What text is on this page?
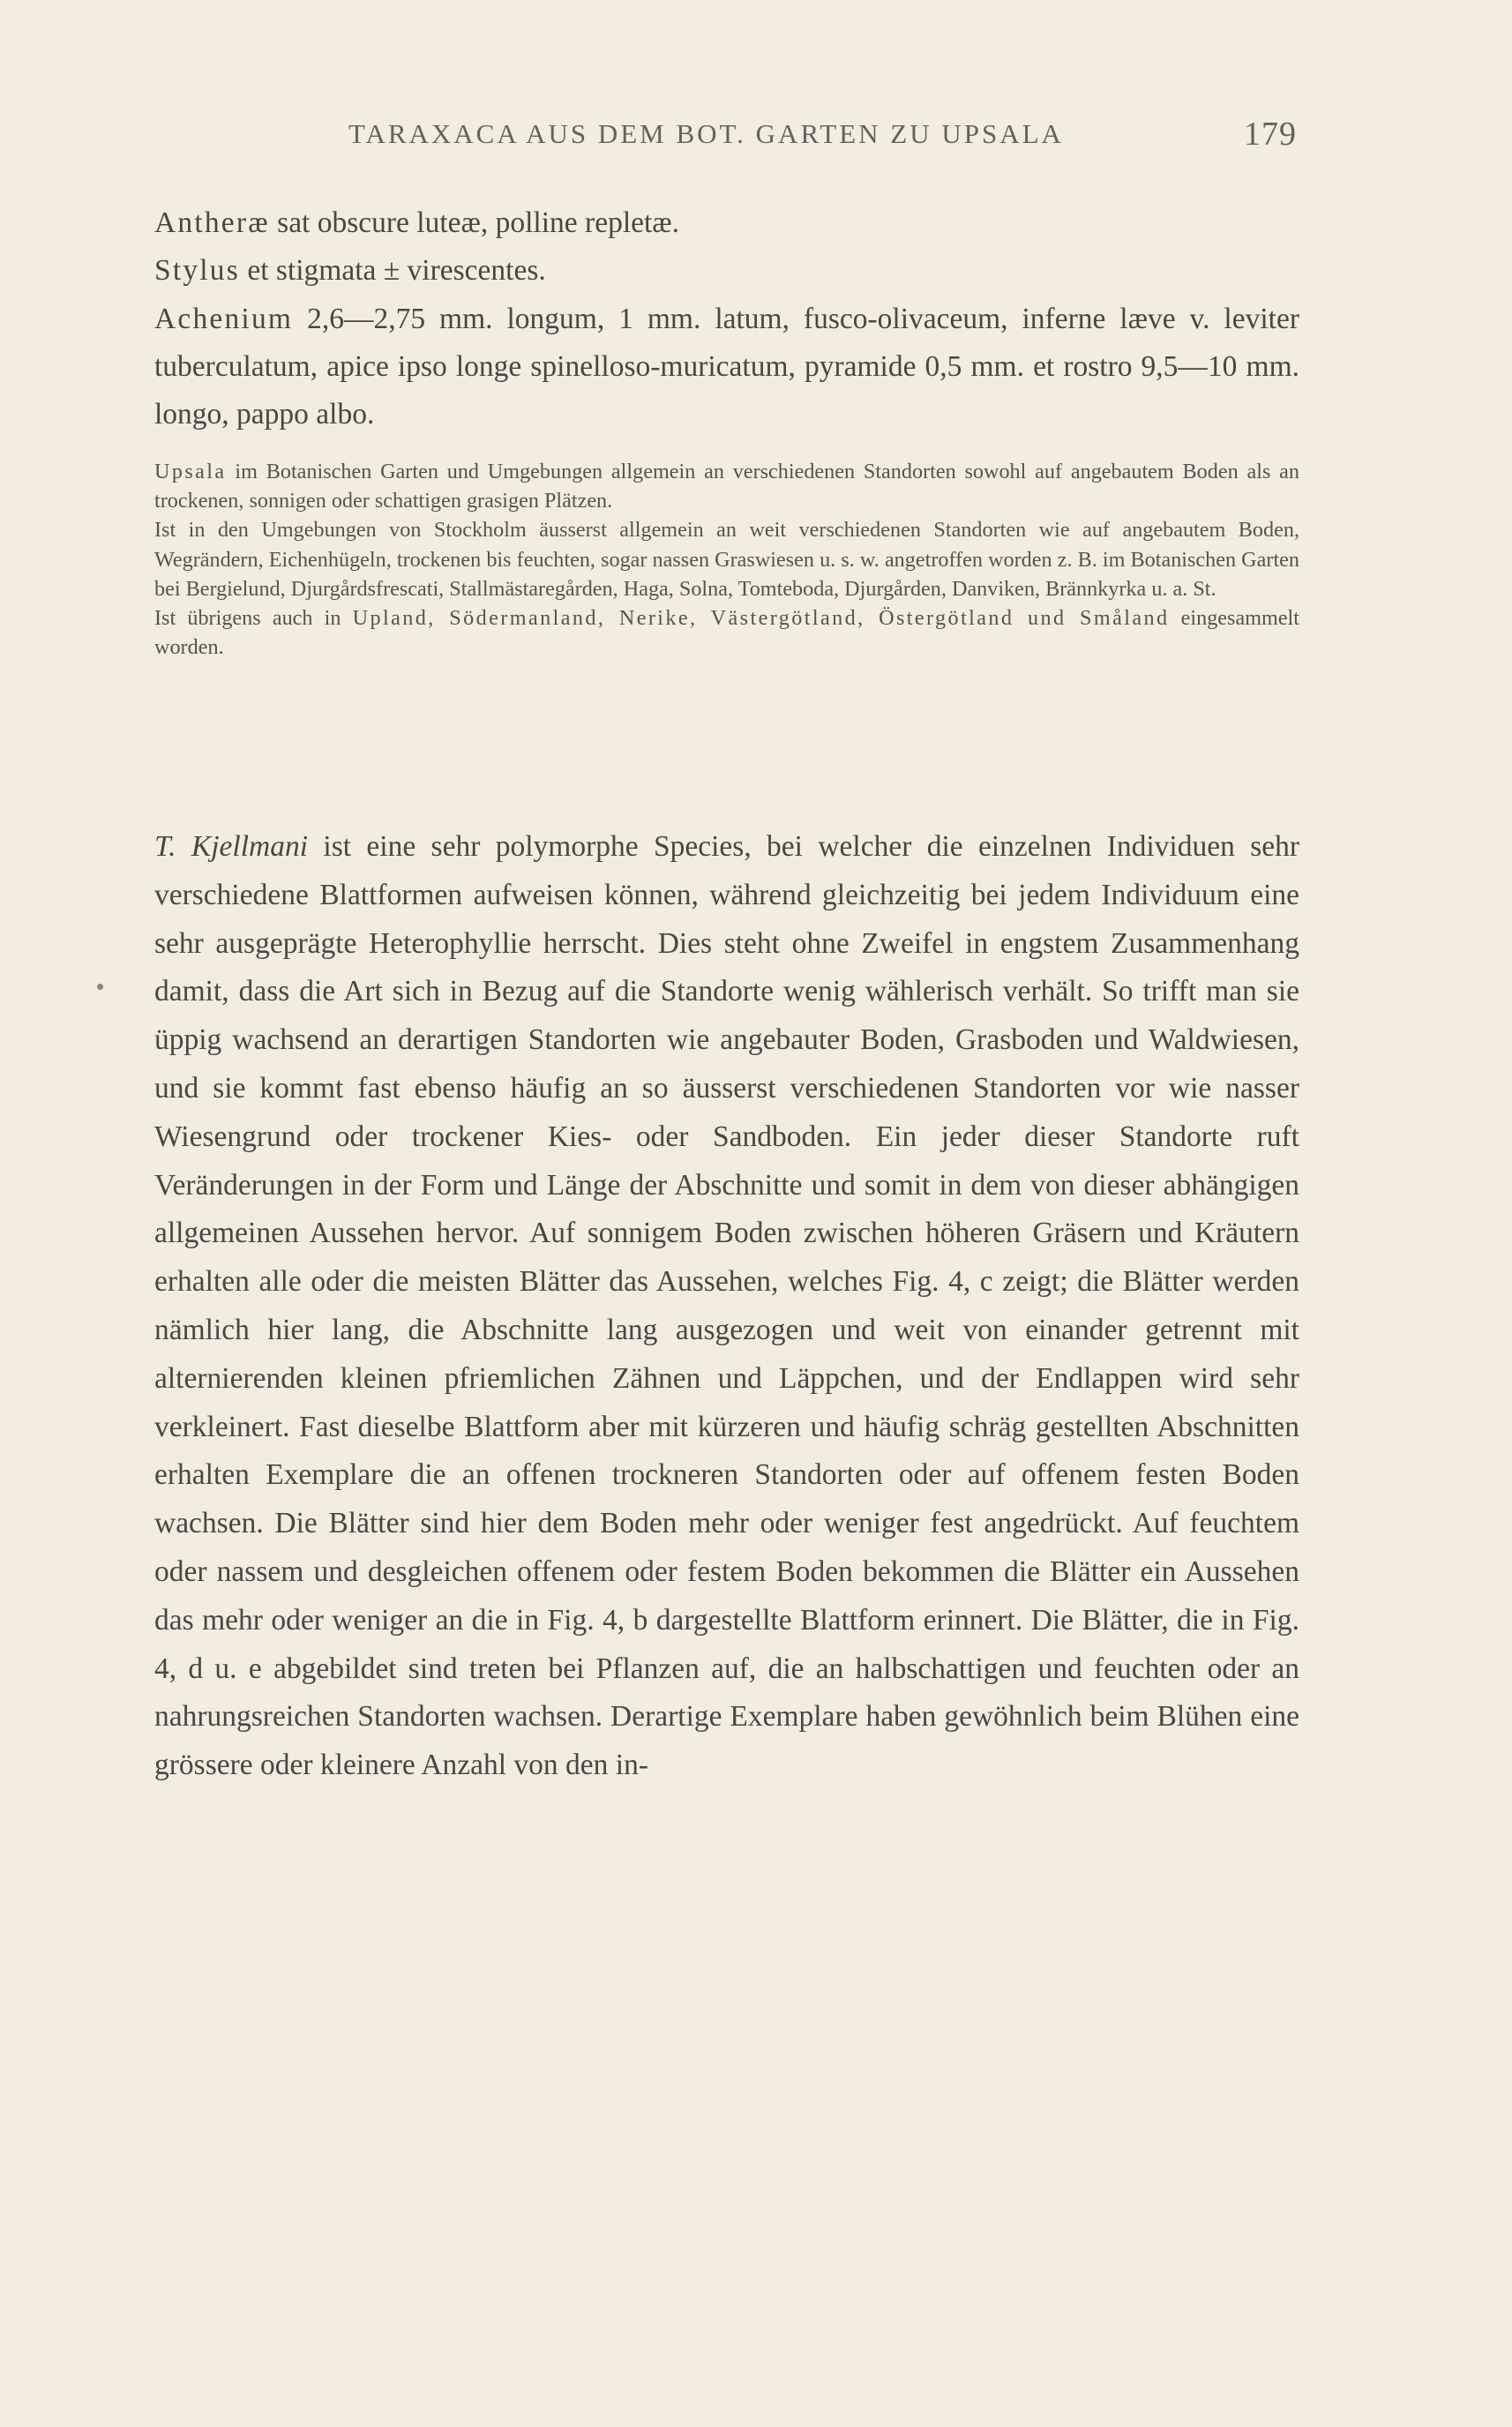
TARAXACA AUS DEM BOT. GARTEN ZU UPSALA	179

Antheræ sat obscure luteæ, polline repletæ.

Stylus et stigmata ± virescentes.

Achenium 2,6—2,75 mm. longum, 1 mm. latum, fusco-olivaceum, inferne læve v. leviter tuberculatum, apice ipso longe spinelloso-muricatum, pyramide 0,5 mm. et rostro 9,5—10 mm. longo, pappo albo.

Upsala im Botanischen Garten und Umgebungen allgemein an verschiedenen Standorten sowohl auf angebautem Boden als an trockenen, sonnigen oder schattigen grasigen Plätzen.

Ist in den Umgebungen von Stockholm äusserst allgemein an weit verschiedenen Standorten wie auf angebautem Boden, Wegrändern, Eichenhügeln, trockenen bis feuchten, sogar nassen Graswiesen u. s. w. angetroffen worden z. B. im Botanischen Garten bei Bergielund, Djurgårdsfrescati, Stallmästaregården, Haga, Solna, Tomteboda, Djurgården, Danviken, Brännkyrka u. a. St.

Ist übrigens auch in Upland, Södermanland, Nerike, Västergötland, Östergötland und Småland eingesammelt worden.

T. Kjellmani ist eine sehr polymorphe Species, bei welcher die einzelnen Individuen sehr verschiedene Blattformen aufweisen können, während gleichzeitig bei jedem Individuum eine sehr ausgeprägte Heterophyllie herrscht. Dies steht ohne Zweifel in engstem Zusammenhang damit, dass die Art sich in Bezug auf die Standorte wenig wählerisch verhält. So trifft man sie üppig wachsend an derartigen Standorten wie angebauter Boden, Grasboden und Waldwiesen, und sie kommt fast ebenso häufig an so äusserst verschiedenen Standorten vor wie nasser Wiesengrund oder trockener Kies- oder Sandboden. Ein jeder dieser Standorte ruft Veränderungen in der Form und Länge der Abschnitte und somit in dem von dieser abhängigen allgemeinen Aussehen hervor. Auf sonnigem Boden zwischen höheren Gräsern und Kräutern erhalten alle oder die meisten Blätter das Aussehen, welches Fig. 4, c zeigt; die Blätter werden nämlich hier lang, die Abschnitte lang ausgezogen und weit von einander getrennt mit alternierenden kleinen pfriemlichen Zähnen und Läppchen, und der Endlappen wird sehr verkleinert. Fast dieselbe Blattform aber mit kürzeren und häufig schräg gestellten Abschnitten erhalten Exemplare die an offenen trockneren Standorten oder auf offenem festen Boden wachsen. Die Blätter sind hier dem Boden mehr oder weniger fest angedrückt. Auf feuchtem oder nassem und desgleichen offenem oder festem Boden bekommen die Blätter ein Aussehen das mehr oder weniger an die in Fig. 4, b dargestellte Blattform erinnert. Die Blätter, die in Fig. 4, d u. e abgebildet sind treten bei Pflanzen auf, die an halbschattigen und feuchten oder an nahrungsreichen Standorten wachsen. Derartige Exemplare haben gewöhnlich beim Blühen eine grössere oder kleinere Anzahl von den in-
